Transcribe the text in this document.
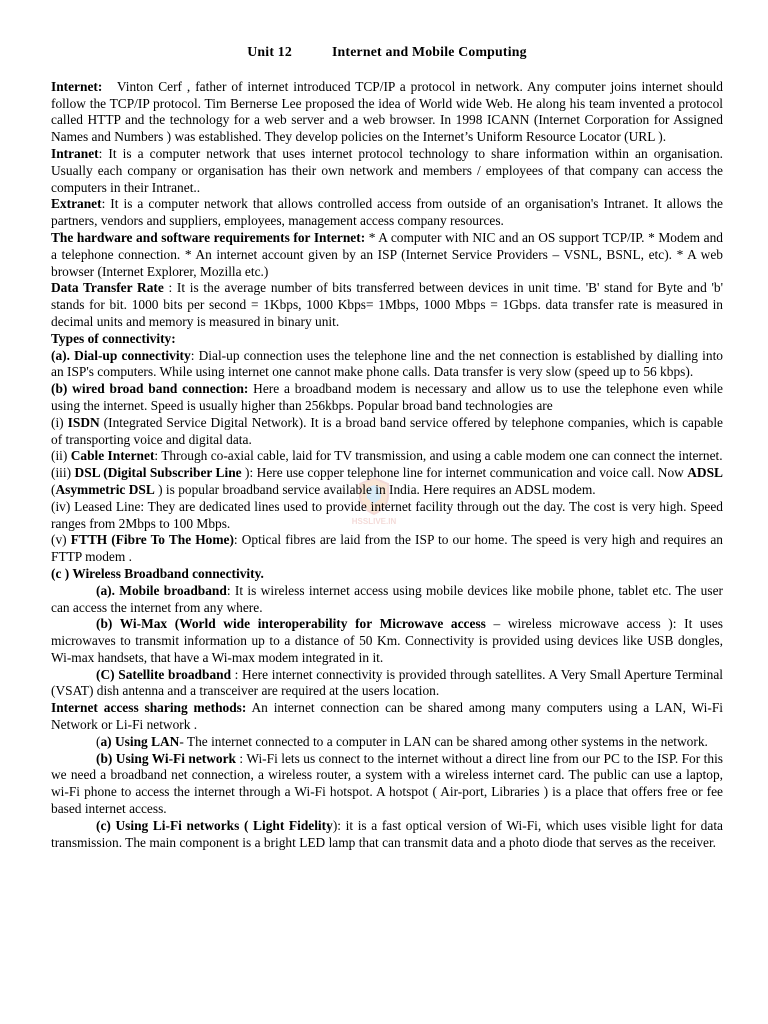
HSSLIVE.IN
Unit 12	Internet and Mobile Computing

Internet: Vinton Cerf , father of internet introduced TCP/IP a protocol in network. Any computer joins internet should follow the TCP/IP protocol. Tim Bernerse Lee proposed the idea of World wide Web. He along his team invented a protocol called HTTP and the technology for a web server and a web browser. In 1998 ICANN (Internet Corporation for Assigned Names and Numbers ) was established. They develop policies on the Internet’s Uniform Resource Locator (URL ).

Intranet: It is a computer network that uses internet protocol technology to share information within an organisation. Usually each company or organisation has their own network and members / employees of that company can access the computers in their Intranet..

Extranet: It is a computer network that allows controlled access from outside of an organisation's Intranet. It allows the partners, vendors and suppliers, employees, management access company resources.

The hardware and software requirements for Internet: * A computer with NIC and an OS support TCP/IP. * Modem and a telephone connection. * An internet account given by an ISP (Internet Service Providers – VSNL, BSNL, etc). * A web browser (Internet Explorer, Mozilla etc.)

Data Transfer Rate : It is the average number of bits transferred between devices in unit time. 'B' stand for Byte and 'b' stands for bit. 1000 bits per second = 1Kbps, 1000 Kbps= 1Mbps, 1000 Mbps = 1Gbps. data transfer rate is measured in decimal units and memory is measured in binary unit.

Types of connectivity:

(a). Dial-up connectivity: Dial-up connection uses the telephone line and the net connection is established by dialling into an ISP's computers. While using internet one cannot make phone calls. Data transfer is very slow (speed up to 56 kbps).

(b) wired broad band connection: Here a broadband modem is necessary and allow us to use the telephone even while using the internet. Speed is usually higher than 256kbps. Popular broad band technologies are

(i) ISDN (Integrated Service Digital Network). It is a broad band service offered by telephone companies, which is capable of transporting voice and digital data.

(ii) Cable Internet: Through co-axial cable, laid for TV transmission, and using a cable modem one can connect the internet.

(iii) DSL (Digital Subscriber Line ): Here use copper telephone line for internet communication and voice call. Now ADSL (Asymmetric DSL ) is popular broadband service available in India. Here requires an ADSL modem.

(iv) Leased Line: They are dedicated lines used to provide internet facility through out the day. The cost is very high. Speed ranges from 2Mbps to 100 Mbps.

(v) FTTH (Fibre To The Home): Optical fibres are laid from the ISP to our home. The speed is very high and requires an FTTP modem .

(c ) Wireless Broadband connectivity.

(a). Mobile broadband: It is wireless internet access using mobile devices like mobile phone, tablet etc. The user can access the internet from any where.

(b) Wi-Max (World wide interoperability for Microwave access – wireless microwave access ): It uses microwaves to transmit information up to a distance of 50 Km. Connectivity is provided using devices like USB dongles, Wi-max handsets, that have a Wi-max modem integrated in it.

(C) Satellite broadband : Here internet connectivity is provided through satellites. A Very Small Aperture Terminal (VSAT) dish antenna and a transceiver are required at the users location.

Internet access sharing methods: An internet connection can be shared among many computers using a LAN, Wi-Fi Network or Li-Fi network .

(a) Using LAN- The internet connected to a computer in LAN can be shared among other systems in the network.

(b) Using Wi-Fi network : Wi-Fi lets us connect to the internet without a direct line from our PC to the ISP. For this we need a broadband net connection, a wireless router, a system with a wireless internet card. The public can use a laptop, wi-Fi phone to access the internet through a Wi-Fi hotspot. A hotspot ( Air-port, Libraries ) is a place that offers free or fee based internet access.

(c) Using Li-Fi networks ( Light Fidelity): it is a fast optical version of Wi-Fi, which uses visible light for data transmission. The main component is a bright LED lamp that can transmit data and a photo diode that serves as the receiver.
